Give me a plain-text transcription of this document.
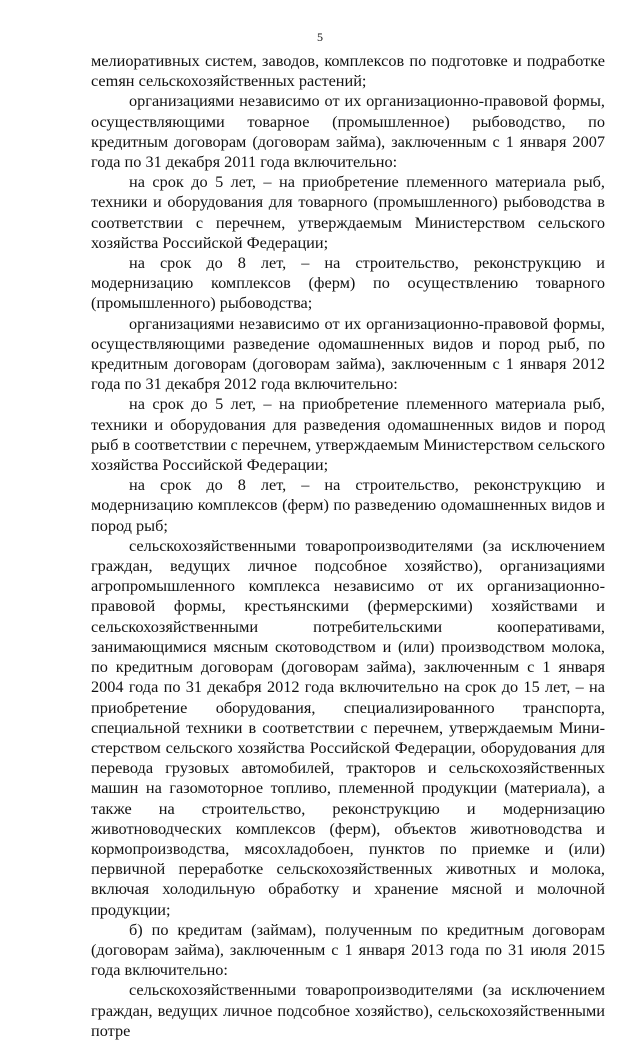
5

мелиоративных систем, заводов, комплексов по подготовке и подработке сеmян сельскохозяйственных растений;

организациями независимо от их организационно-правовой формы, осуществляющими товарное (промышленное) рыбоводство, по кредитным договорам (договорам займа), заключенным с 1 января 2007 года по 31 декабря 2011 года включительно:

на срок до 5 лет, – на приобретение племенного материала рыб, техники и оборудования для товарного (промышленного) рыбоводства в соответствии с перечнем, утверждаемым Министерством сельского хозяйства Российской Федерации;

на срок до 8 лет, – на строительство, реконструкцию и модернизацию комплексов (ферм) по осуществлению товарного (промышленного) рыбоводства;

организациями независимо от их организационно-правовой формы, осуществляющими разведение одомашненных видов и пород рыб, по кредитным договорам (договорам займа), заключенным с 1 января 2012 года по 31 декабря 2012 года включительно:

на срок до 5 лет, – на приобретение племенного материала рыб, техники и оборудования для разведения одомашненных видов и пород рыб в соответствии с перечнем, утверждаемым Министерством сельского хозяйства Российской Федерации;

на срок до 8 лет, – на строительство, реконструкцию и модернизацию комплексов (ферм) по разведению одомашненных видов и пород рыб;

сельскохозяйственными товаропроизводителями (за исключением граждан, ведущих личное подсобное хозяйство), организациями агропромышленного комплекса независимо от их организационно-правовой формы, крестьянскими (фермерскими) хозяйствами и сельскохозяйственными потребительскими кооперативами, занимающимися мясным скотоводством и (или) производством молока, по кредитным договорам (договорам займа), заключенным с 1 января 2004 года по 31 декабря 2012 года включительно на срок до 15 лет, – на приобретение оборудования, специализированного транспорта, специальной техники в соответствии с перечнем, утверждаемым Министерством сельского хозяйства Российской Федерации, оборудования для перевода грузовых автомобилей, тракторов и сельскохозяйственных машин на газомоторное топливо, племенной продукции (материала), а также на строительство, реконструкцию и модернизацию животноводческих комплексов (ферм), объектов животноводства и кормопроизводства, мясохладобоен, пунктов по приемке и (или) первичной переработке сельскохозяйственных животных и молока, включая холодильную обработку и хранение мясной и молочной продукции;

б) по кредитам (займам), полученным по кредитным договорам (договорам займа), заключенным с 1 января 2013 года по 31 июля 2015 года включительно:

сельскохозяйственными товаропроизводителями (за исключением граждан, ведущих личное подсобное хозяйство), сельскохозяйственными потре
